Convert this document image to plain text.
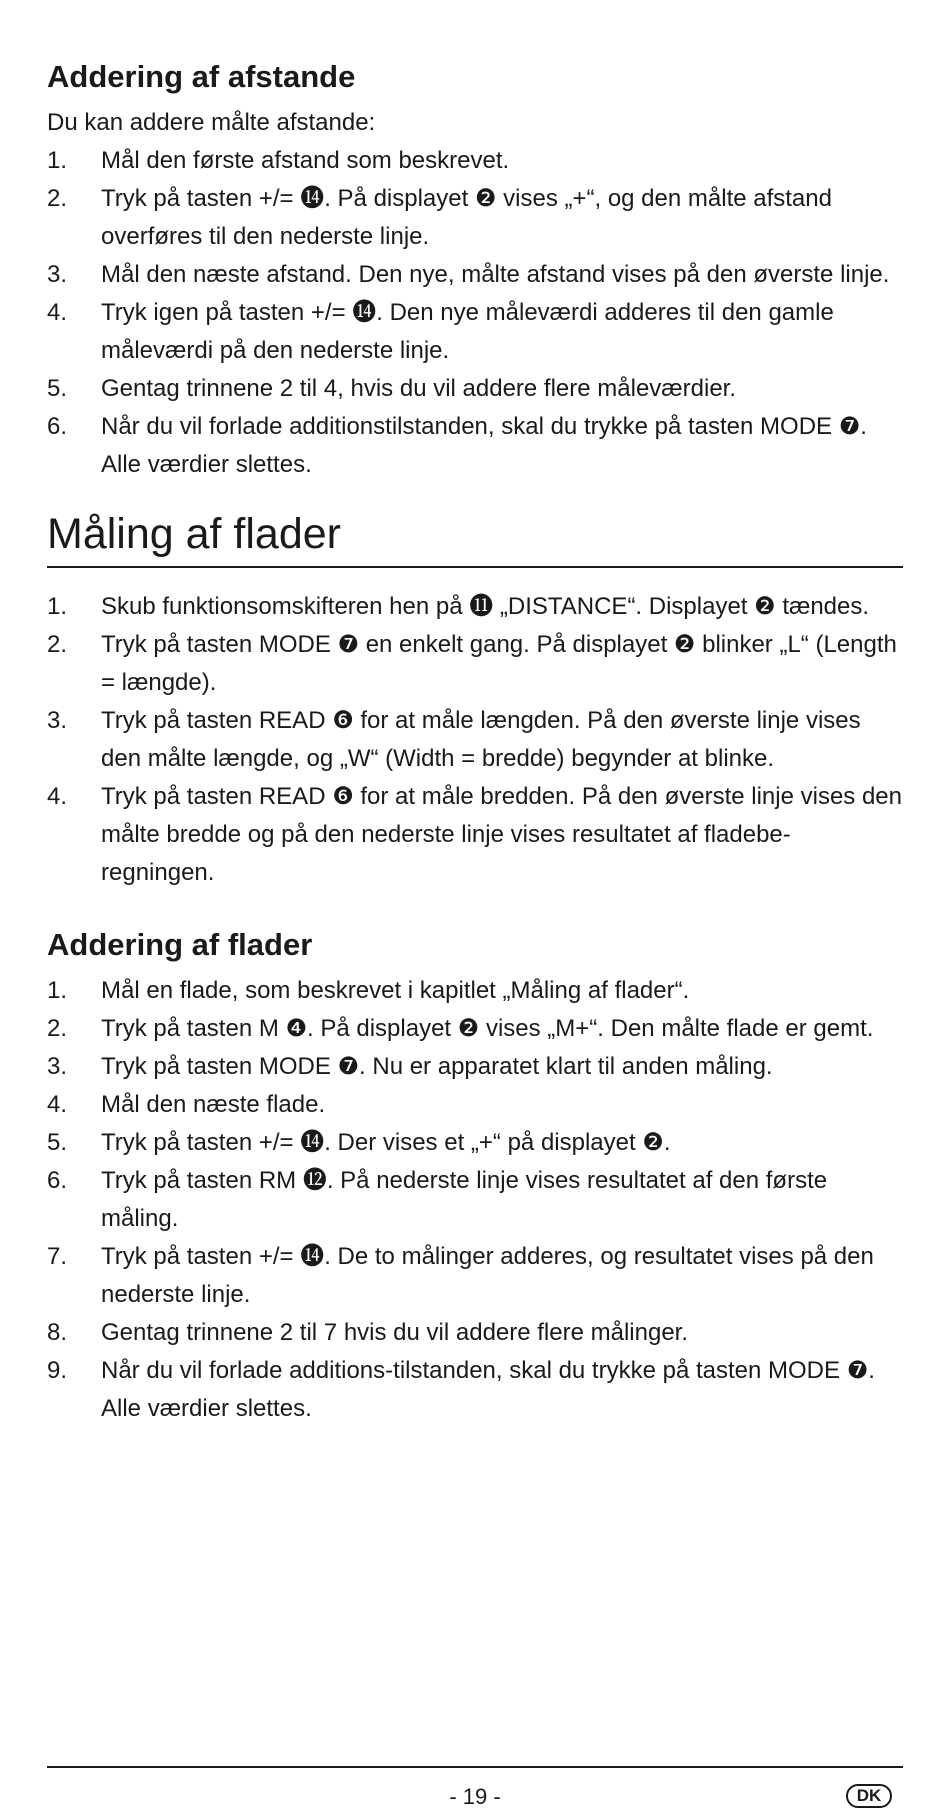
Addering af afstande

Du kan addere målte afstande:

1. Mål den første afstand som beskrevet.
2. Tryk på tasten +/= ⓮. På displayet ❷ vises „+“, og den målte afstand overføres til den nederste linje.
3. Mål den næste afstand. Den nye, målte afstand vises på den øverste linje.
4. Tryk igen på tasten +/= ⓮. Den nye måleværdi adderes til den gamle måleværdi på den nederste linje.
5. Gentag trinnene 2 til 4, hvis du vil addere flere måleværdier.
6. Når du vil forlade additionstilstanden, skal du trykke på tasten MODE ❼. Alle værdier slettes.
Måling af flader
1. Skub funktionsomskifteren hen på ⓫ „DISTANCE“. Displayet ❷ tændes.
2. Tryk på tasten MODE ❼ en enkelt gang. På displayet ❷ blinker „L“ (Length = længde).
3. Tryk på tasten READ ❻ for at måle længden. På den øverste linje vises den målte længde, og „W“ (Width = bredde) begynder at blinke.
4. Tryk på tasten READ ❻ for at måle bredden. På den øverste linje vises den målte bredde og på den nederste linje vises resultatet af fladebe-regningen.
Addering af flader
1. Mål en flade, som beskrevet i kapitlet „Måling af flader“.
2. Tryk på tasten M ❹. På displayet ❷ vises „M+“. Den målte flade er gemt.
3. Tryk på tasten MODE ❼. Nu er apparatet klart til anden måling.
4. Mål den næste flade.
5. Tryk på tasten +/= ⓮. Der vises et „+“ på displayet ❷.
6. Tryk på tasten RM ⓬. På nederste linje vises resultatet af den første måling.
7. Tryk på tasten +/= ⓮. De to målinger adderes, og resultatet vises på den nederste linje.
8. Gentag trinnene 2 til 7 hvis du vil addere flere målinger.
9. Når du vil forlade additions-tilstanden, skal du trykke på tasten MODE ❼. Alle værdier slettes.
- 19 -	DK
